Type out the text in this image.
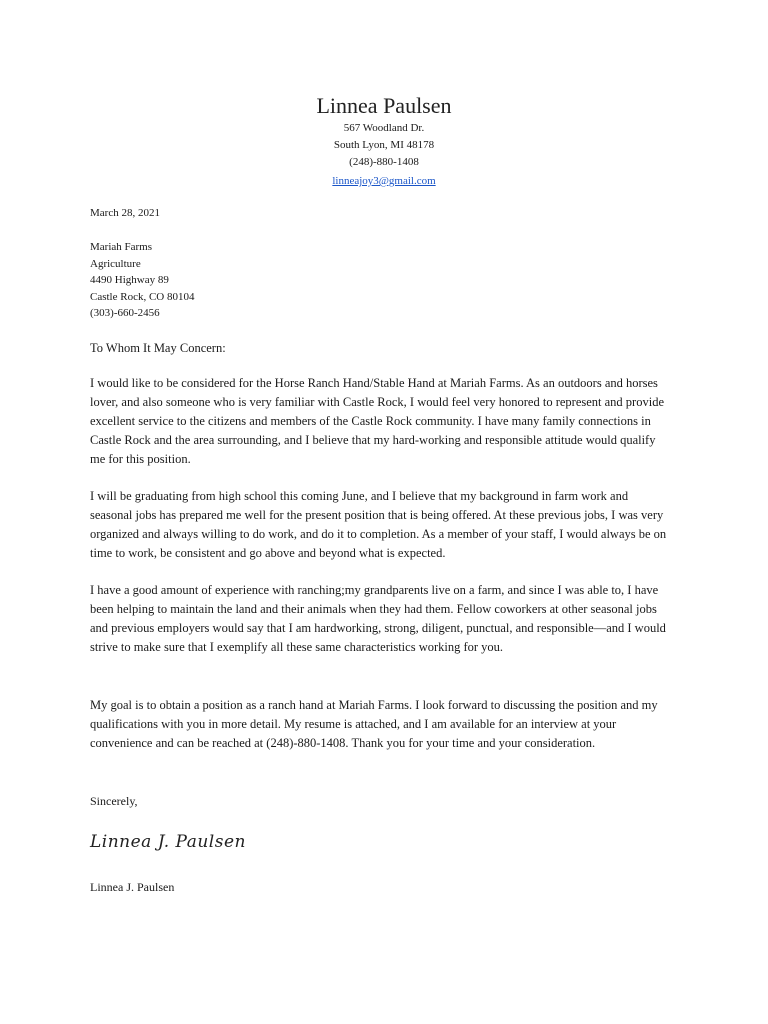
Linnea Paulsen
567 Woodland Dr.
South Lyon, MI 48178
(248)-880-1408
linneajoy3@gmail.com
March 28, 2021
Mariah Farms
Agriculture
4490 Highway 89
Castle Rock, CO 80104
(303)-660-2456
To Whom It May Concern:

I would like to be considered for the Horse Ranch Hand/Stable Hand at Mariah Farms. As an outdoors and horses lover, and also someone who is very familiar with Castle Rock, I would feel very honored to represent and provide excellent service to the citizens and members of the Castle Rock community. I have many family connections in Castle Rock and the area surrounding, and I believe that my hard-working and responsible attitude would qualify me for this position.

I will be graduating from high school this coming June, and I believe that my background in farm work and seasonal jobs has prepared me well for the present position that is being offered. At these previous jobs, I was very organized and always willing to do work, and do it to completion. As a member of your staff, I would always be on time to work, be consistent and go above and beyond what is expected.

I have a good amount of experience with ranching;my grandparents live on a farm, and since I was able to, I have been helping to maintain the land and their animals when they had them. Fellow coworkers at other seasonal jobs and previous employers would say that I am hardworking, strong, diligent, punctual, and responsible—and I would strive to make sure that I exemplify all these same characteristics working for you.

My goal is to obtain a position as a ranch hand at Mariah Farms. I look forward to discussing the position and my qualifications with you in more detail. My resume is attached, and I am available for an interview at your convenience and can be reached at (248)-880-1408. Thank you for your time and your consideration.

Sincerely,
Linnea J. Paulsen
Linnea J. Paulsen
